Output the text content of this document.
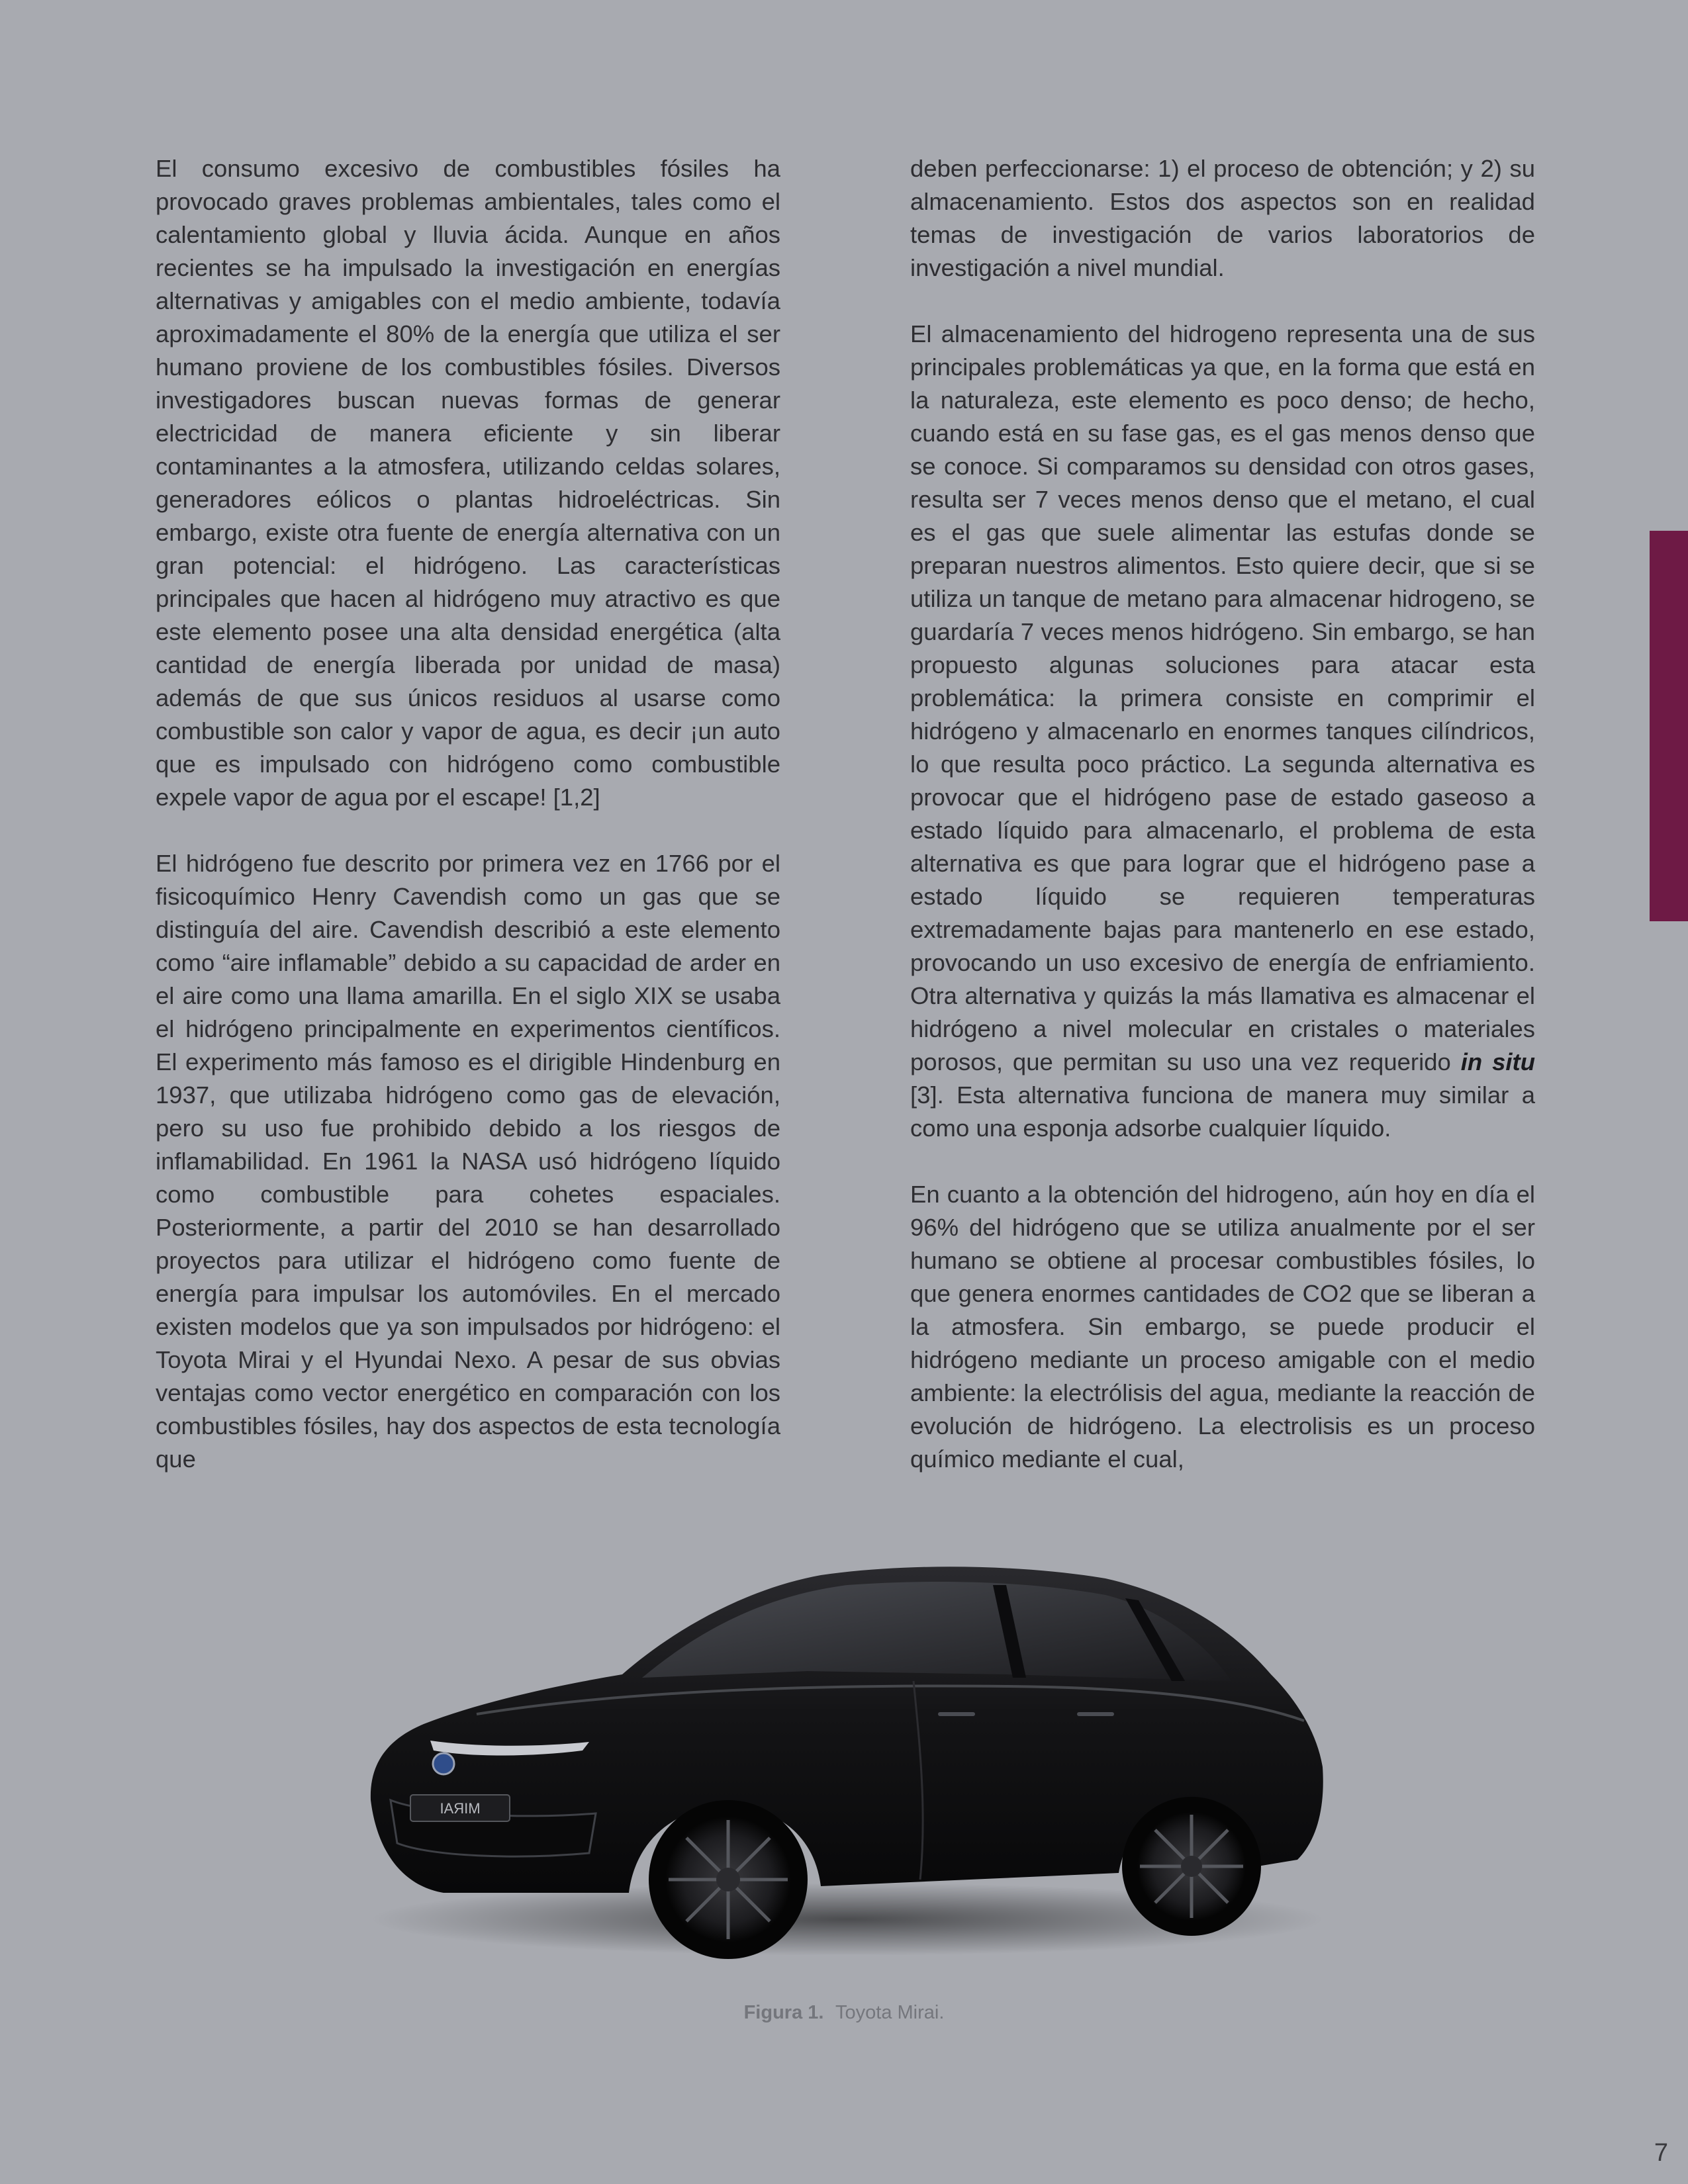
El consumo excesivo de combustibles fósiles ha provocado graves problemas ambientales, tales como el calentamiento global y lluvia ácida. Aunque en años recientes se ha impulsado la investigación en energías alternativas y amigables con el medio ambiente, todavía aproximadamente el 80% de la energía que utiliza el ser humano proviene de los combustibles fósiles. Diversos investigadores buscan nuevas formas de generar electricidad de manera eficiente y sin liberar contaminantes a la atmosfera, utilizando celdas solares, generadores eólicos o plantas hidroeléctricas. Sin embargo, existe otra fuente de energía alternativa con un gran potencial: el hidrógeno. Las características principales que hacen al hidrógeno muy atractivo es que este elemento posee una alta densidad energética (alta cantidad de energía liberada por unidad de masa) además de que sus únicos residuos al usarse como combustible son calor y vapor de agua, es decir ¡un auto que es impulsado con hidrógeno como combustible expele vapor de agua por el escape! [1,2]

El hidrógeno fue descrito por primera vez en 1766 por el fisicoquímico Henry Cavendish como un gas que se distinguía del aire. Cavendish describió a este elemento como “aire inflamable” debido a su capacidad de arder en el aire como una llama amarilla. En el siglo XIX se usaba el hidrógeno principalmente en experimentos científicos. El experimento más famoso es el dirigible Hindenburg en 1937, que utilizaba hidrógeno como gas de elevación, pero su uso fue prohibido debido a los riesgos de inflamabilidad. En 1961 la NASA usó hidrógeno líquido como combustible para cohetes espaciales. Posteriormente, a partir del 2010 se han desarrollado proyectos para utilizar el hidrógeno como fuente de energía para impulsar los automóviles. En el mercado existen modelos que ya son impulsados por hidrógeno: el Toyota Mirai y el Hyundai Nexo. A pesar de sus obvias ventajas como vector energético en comparación con los combustibles fósiles, hay dos aspectos de esta tecnología que

deben perfeccionarse: 1) el proceso de obtención; y 2) su almacenamiento. Estos dos aspectos son en realidad temas de investigación de varios laboratorios de investigación a nivel mundial.

El almacenamiento del hidrogeno representa una de sus principales problemáticas ya que, en la forma que está en la naturaleza, este elemento es poco denso; de hecho, cuando está en su fase gas, es el gas menos denso que se conoce. Si comparamos su densidad con otros gases, resulta ser 7 veces menos denso que el metano, el cual es el gas que suele alimentar las estufas donde se preparan nuestros alimentos. Esto quiere decir, que si se utiliza un tanque de metano para almacenar hidrogeno, se guardaría 7 veces menos hidrógeno. Sin embargo, se han propuesto algunas soluciones para atacar esta problemática: la primera consiste en comprimir el hidrógeno y almacenarlo en enormes tanques cilíndricos, lo que resulta poco práctico. La segunda alternativa es provocar que el hidrógeno pase de estado gaseoso a estado líquido para almacenarlo, el problema de esta alternativa es que para lograr que el hidrógeno pase a estado líquido se requieren temperaturas extremadamente bajas para mantenerlo en ese estado, provocando un uso excesivo de energía de enfriamiento. Otra alternativa y quizás la más llamativa es almacenar el hidrógeno a nivel molecular en cristales o materiales porosos, que permitan su uso una vez requerido in situ [3]. Esta alternativa funciona de manera muy similar a como una esponja adsorbe cualquier líquido.

En cuanto a la obtención del hidrogeno, aún hoy en día el 96% del hidrógeno que se utiliza anualmente por el ser humano se obtiene al procesar combustibles fósiles, lo que genera enormes cantidades de CO2 que se liberan a la atmosfera. Sin embargo, se puede producir el hidrógeno mediante un proceso amigable con el medio ambiente: la electrólisis del agua, mediante la reacción de evolución de hidrógeno. La electrolisis es un proceso químico mediante el cual,

MIRAI
Figura 1. Toyota Mirai.
7
